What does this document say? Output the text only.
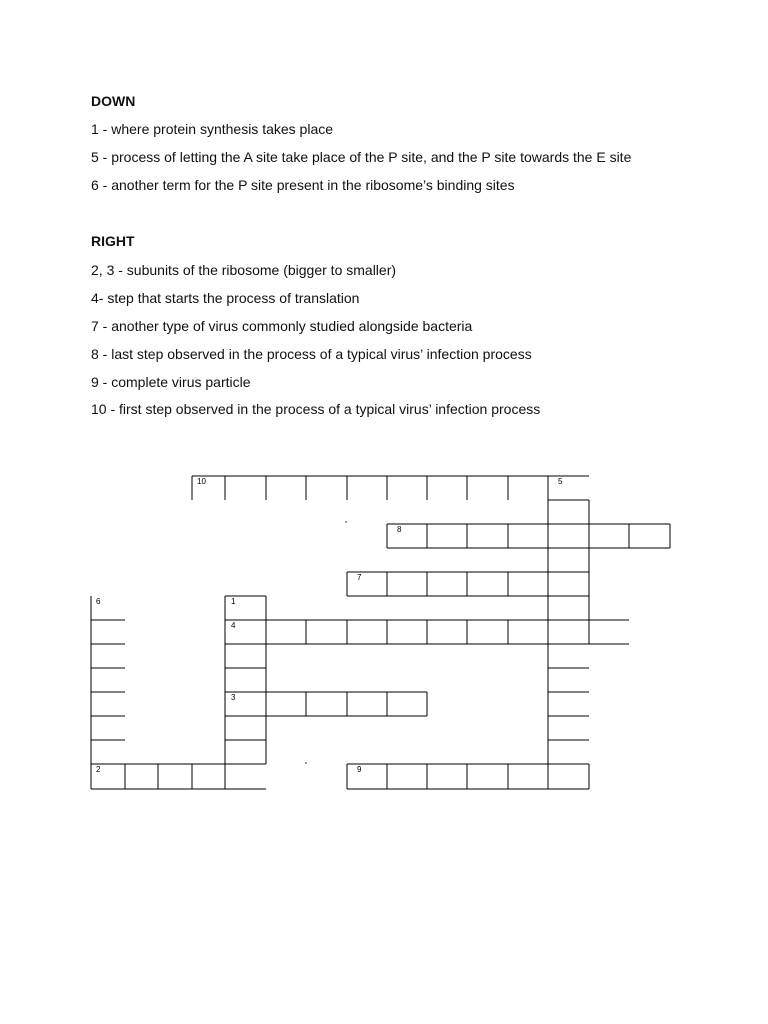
DOWN
1 - where protein synthesis takes place
5 - process of letting the A site take place of the P site, and the P site towards the E site
6 - another term for the P site present in the ribosome’s binding sites
RIGHT
2, 3 - subunits of the ribosome (bigger to smaller)
4- step that starts the process of translation
7 - another type of virus commonly studied alongside bacteria
8 - last step observed in the process of a typical virus’ infection process
9 - complete virus particle
10 - first step observed in the process of a typical virus’ infection process
10	5
8
7
6	1
4
3
2	9
